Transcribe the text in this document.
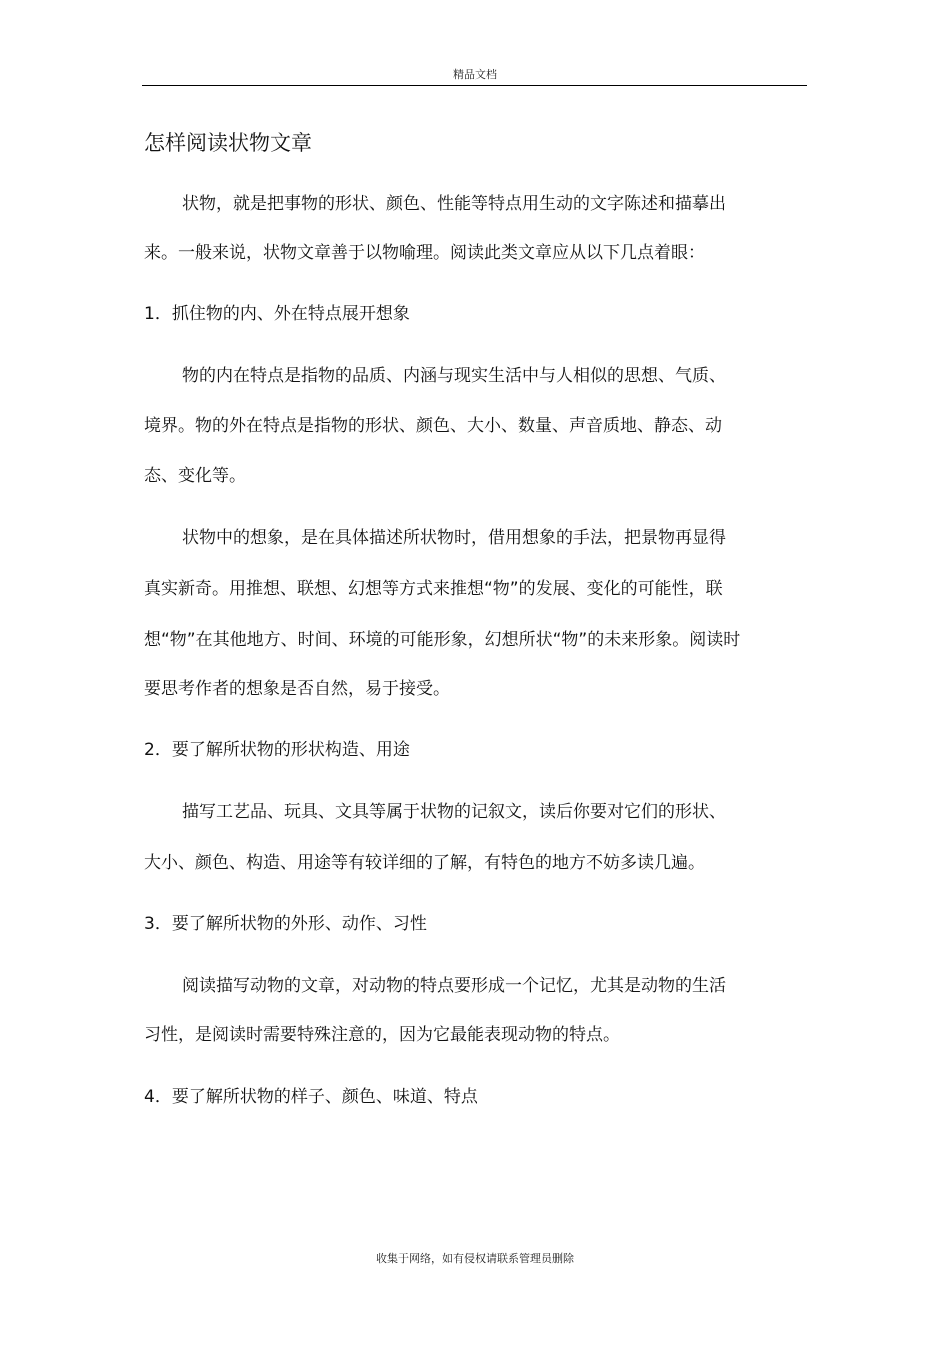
精品文档
怎样阅读状物文章
状物，就是把事物的形状、颜色、性能等特点用生动的文字陈述和描摹出
来。一般来说，状物文章善于以物喻理。阅读此类文章应从以下几点着眼：
1．抓住物的内、外在特点展开想象
物的内在特点是指物的品质、内涵与现实生活中与人相似的思想、气质、
境界。物的外在特点是指物的形状、颜色、大小、数量、声音质地、静态、动
态、变化等。
状物中的想象，是在具体描述所状物时，借用想象的手法，把景物再显得
真实新奇。用推想、联想、幻想等方式来推想“物”的发展、变化的可能性，联
想“物”在其他地方、时间、环境的可能形象，幻想所状“物”的未来形象。阅读时
要思考作者的想象是否自然，易于接受。
2．要了解所状物的形状构造、用途
描写工艺品、玩具、文具等属于状物的记叙文，读后你要对它们的形状、
大小、颜色、构造、用途等有较详细的了解，有特色的地方不妨多读几遍。
3．要了解所状物的外形、动作、习性
阅读描写动物的文章，对动物的特点要形成一个记忆，尤其是动物的生活
习性，是阅读时需要特殊注意的，因为它最能表现动物的特点。
4．要了解所状物的样子、颜色、味道、特点
收集于网络，如有侵权请联系管理员删除
